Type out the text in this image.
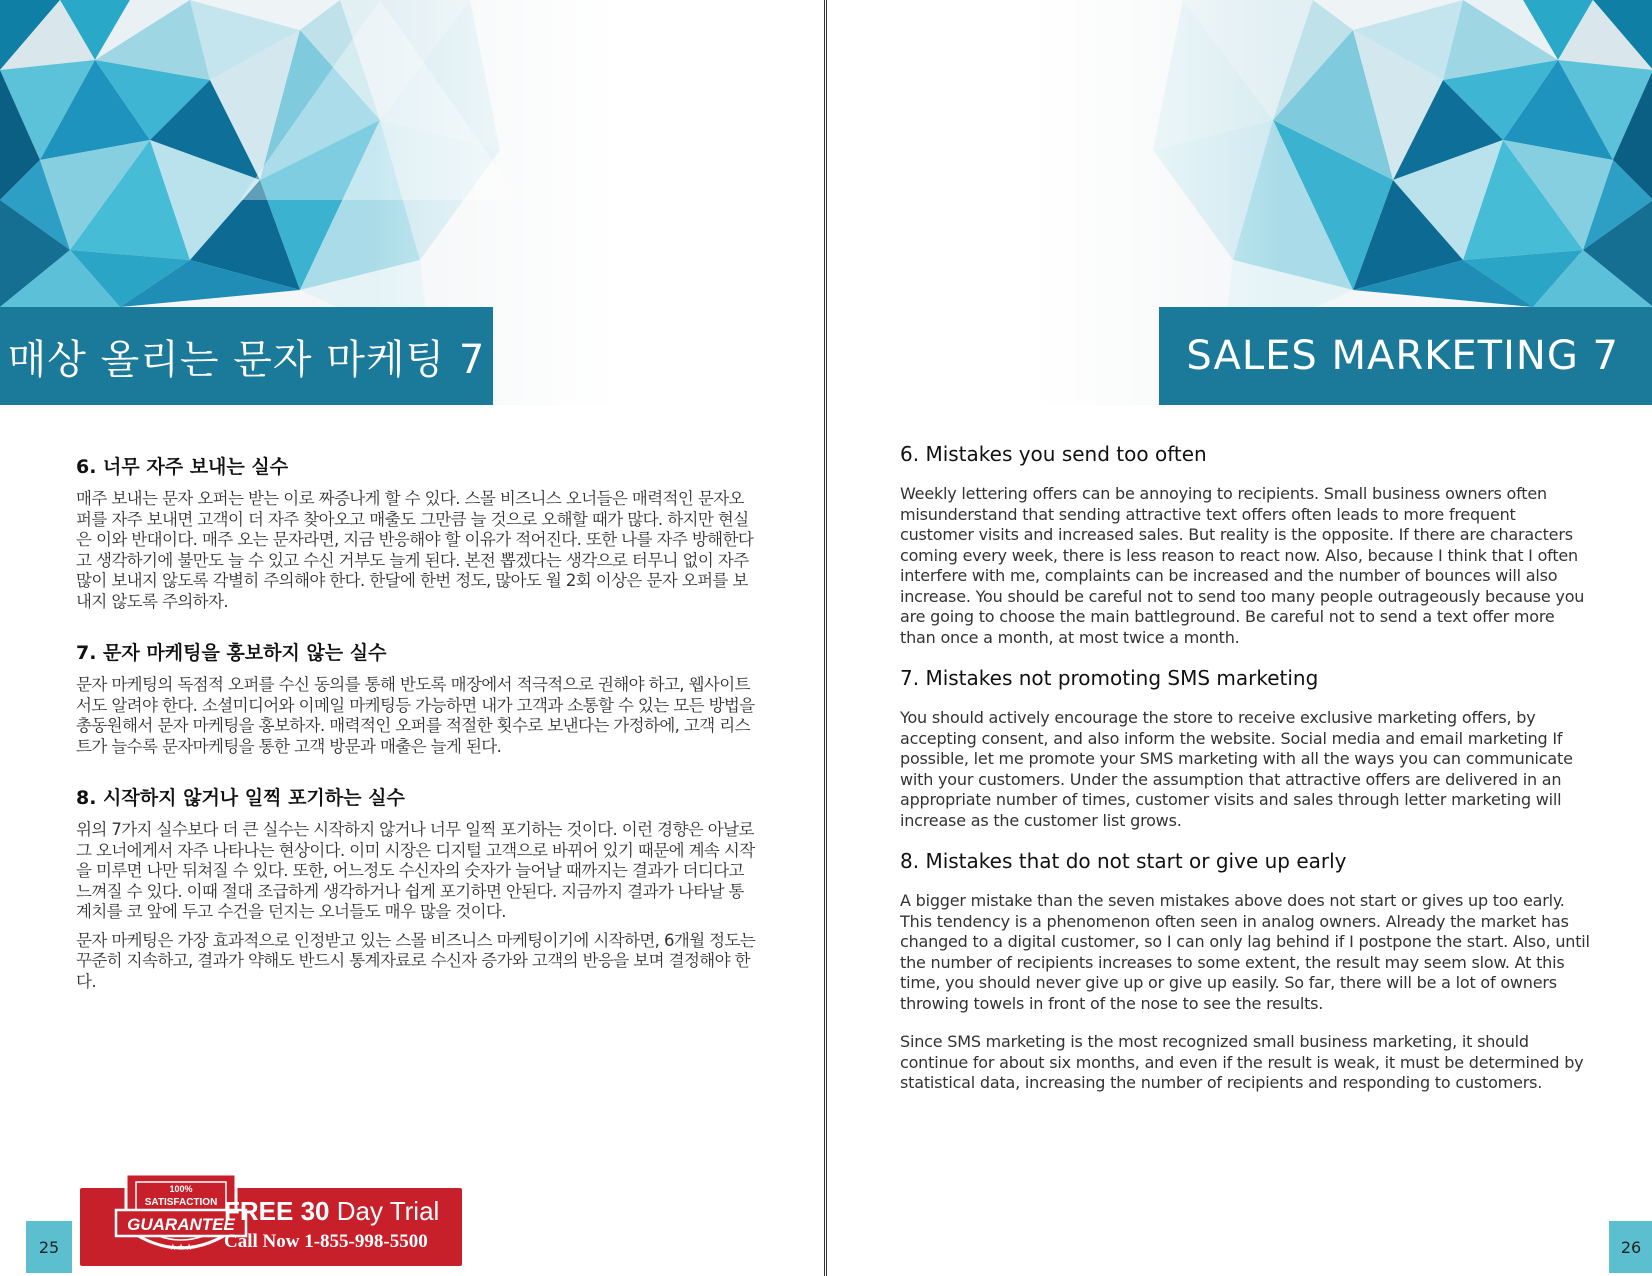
매상 올리는 문자 마케팅 7
6. 너무 자주 보내는 실수

매주 보내는 문자 오퍼는 받는 이로 짜증나게 할 수 있다. 스몰 비즈니스 오너들은 매력적인 문자오퍼를 자주 보내면 고객이 더 자주 찾아오고 매출도 그만큼 늘 것으로 오해할 때가 많다. 하지만 현실은 이와 반대이다. 매주 오는 문자라면, 지금 반응해야 할 이유가 적어진다. 또한 나를 자주 방해한다고 생각하기에 불만도 늘 수 있고 수신 거부도 늘게 된다. 본전 뽑겠다는 생각으로 터무니 없이 자주 많이 보내지 않도록 각별히 주의해야 한다. 한달에 한번 정도, 많아도 월 2회 이상은 문자 오퍼를 보내지 않도록 주의하자.

7. 문자 마케팅을 홍보하지 않는 실수

문자 마케팅의 독점적 오퍼를 수신 동의를 통해 반도록 매장에서 적극적으로 권해야 하고, 웹사이트서도 알려야 한다. 소셜미디어와 이메일 마케팅등 가능하면 내가 고객과 소통할 수 있는 모든 방법을 총동원해서 문자 마케팅을 홍보하자. 매력적인 오퍼를 적절한 횟수로 보낸다는 가정하에, 고객 리스트가 늘수록 문자마케팅을 통한 고객 방문과 매출은 늘게 된다.

8. 시작하지 않거나 일찍 포기하는 실수

위의 7가지 실수보다 더 큰 실수는 시작하지 않거나 너무 일찍 포기하는 것이다. 이런 경향은 아날로그 오너에게서 자주 나타나는 현상이다. 이미 시장은 디지털 고객으로 바뀌어 있기 때문에 계속 시작을 미루면 나만 뒤쳐질 수 있다. 또한, 어느정도 수신자의 숫자가 늘어날 때까지는 결과가 더디다고 느껴질 수 있다. 이때 절대 조급하게 생각하거나 쉽게 포기하면 안된다. 지금까지 결과가 나타날 통계치를 코 앞에 두고 수건을 던지는 오너들도 매우 많을 것이다.

문자 마케팅은 가장 효과적으로 인정받고 있는 스몰 비즈니스 마케팅이기에 시작하면, 6개월 정도는 꾸준히 지속하고, 결과가 약해도 반드시 통계자료로 수신자 증가와 고객의 반응을 보며 결정해야 한다.

100%
SATISFACTION
GUARANTEE
★★★
FREE 30 Day Trial
Call Now 1-855-998-5500
25
SALES MARKETING 7
6. Mistakes you send too often

Weekly lettering offers can be annoying to recipients. Small business owners often misunderstand that sending attractive text offers often leads to more frequent customer visits and increased sales. But reality is the opposite. If there are characters coming every week, there is less reason to react now. Also, because I think that I often interfere with me, complaints can be increased and the number of bounces will also increase. You should be careful not to send too many people outrageously because you are going to choose the main battleground. Be careful not to send a text offer more than once a month, at most twice a month.

7. Mistakes not promoting SMS marketing

You should actively encourage the store to receive exclusive marketing offers, by accepting consent, and also inform the website. Social media and email marketing If possible, let me promote your SMS marketing with all the ways you can communicate with your customers. Under the assumption that attractive offers are delivered in an appropriate number of times, customer visits and sales through letter marketing will increase as the customer list grows.

8. Mistakes that do not start or give up early

A bigger mistake than the seven mistakes above does not start or gives up too early. This tendency is a phenomenon often seen in analog owners. Already the market has changed to a digital customer, so I can only lag behind if I postpone the start. Also, until the number of recipients increases to some extent, the result may seem slow. At this time, you should never give up or give up easily. So far, there will be a lot of owners throwing towels in front of the nose to see the results.

Since SMS marketing is the most recognized small business marketing, it should continue for about six months, and even if the result is weak, it must be determined by statistical data, increasing the number of recipients and responding to customers.

26
